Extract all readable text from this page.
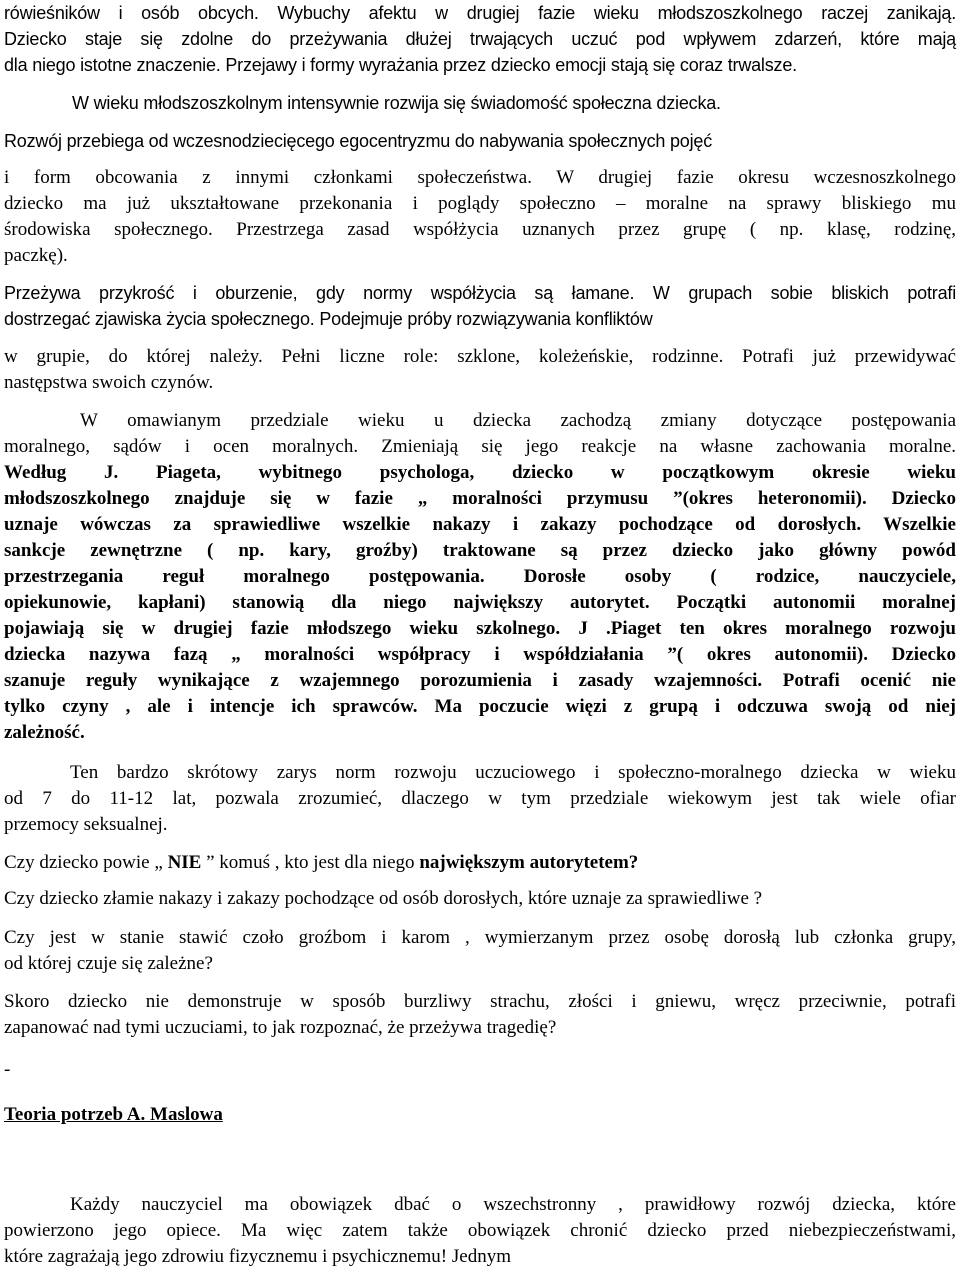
rówieśników i osób obcych. Wybuchy afektu w drugiej fazie wieku młodszoszkolnego raczej zanikają.
Dziecko staje się zdolne do przeżywania dłużej trwających uczuć pod wpływem zdarzeń, które mają
dla niego istotne znaczenie. Przejawy i formy wyrażania przez dziecko emocji stają się coraz trwalsze.
W wieku młodszoszkolnym intensywnie rozwija się świadomość społeczna dziecka.
Rozwój przebiega od wczesnodziecięcego egocentryzmu do nabywania społecznych pojęć
i form obcowania z innymi członkami społeczeństwa. W drugiej fazie okresu wczesnoszkolnego
dziecko ma już ukształtowane przekonania i poglądy społeczno – moralne na sprawy bliskiego mu
środowiska społecznego. Przestrzega zasad współżycia uznanych przez grupę ( np. klasę, rodzinę,
paczkę).
Przeżywa przykrość i oburzenie, gdy normy współżycia są łamane. W grupach sobie bliskich potrafi
dostrzegać zjawiska życia społecznego. Podejmuje próby rozwiązywania konfliktów
w grupie, do której należy. Pełni liczne role: szklone, koleżeńskie, rodzinne. Potrafi już przewidywać
następstwa swoich czynów.
W omawianym przedziale wieku u dziecka zachodzą zmiany dotyczące postępowania
moralnego, sądów i ocen moralnych. Zmieniają się jego reakcje na własne zachowania moralne.
Według J. Piageta, wybitnego psychologa, dziecko w początkowym okresie wieku
młodszoszkolnego znajduje się w fazie „ moralności przymusu ”(okres heteronomii). Dziecko
uznaje wówczas za sprawiedliwe wszelkie nakazy i zakazy pochodzące od dorosłych. Wszelkie
sankcje zewnętrzne ( np. kary, groźby) traktowane są przez dziecko jako główny powód
przestrzegania reguł moralnego postępowania. Dorosłe osoby ( rodzice, nauczyciele,
opiekunowie, kapłani) stanowią dla niego największy autorytet. Początki autonomii moralnej
pojawiają się w drugiej fazie młodszego wieku szkolnego. J .Piaget ten okres moralnego rozwoju
dziecka nazywa fazą „ moralności współpracy i współdziałania ”( okres autonomii). Dziecko
szanuje reguły wynikające z wzajemnego porozumienia i zasady wzajemności. Potrafi ocenić nie
tylko czyny , ale i intencje ich sprawców. Ma poczucie więzi z grupą i odczuwa swoją od niej
zależność.
Ten bardzo skrótowy zarys norm rozwoju uczuciowego i społeczno-moralnego dziecka w wieku
od 7 do 11-12 lat, pozwala zrozumieć, dlaczego w tym przedziale wiekowym jest tak wiele ofiar
przemocy seksualnej.
Czy dziecko powie „ NIE ” komuś , kto jest dla niego największym autorytetem?
Czy dziecko złamie nakazy i zakazy pochodzące od osób dorosłych, które uznaje za sprawiedliwe ?
Czy jest w stanie stawić czoło groźbom i karom , wymierzanym przez osobę dorosłą lub członka grupy,
od której czuje się zależne?
Skoro dziecko nie demonstruje w sposób burzliwy strachu, złości i gniewu, wręcz przeciwnie, potrafi
zapanować nad tymi uczuciami, to jak rozpoznać, że przeżywa tragedię?
-
Teoria potrzeb A. Maslowa
Każdy nauczyciel ma obowiązek dbać o wszechstronny , prawidłowy rozwój dziecka, które
powierzono jego opiece. Ma więc zatem także obowiązek chronić dziecko przed niebezpieczeństwami,
które zagrażają jego zdrowiu fizycznemu i psychicznemu! Jednym
